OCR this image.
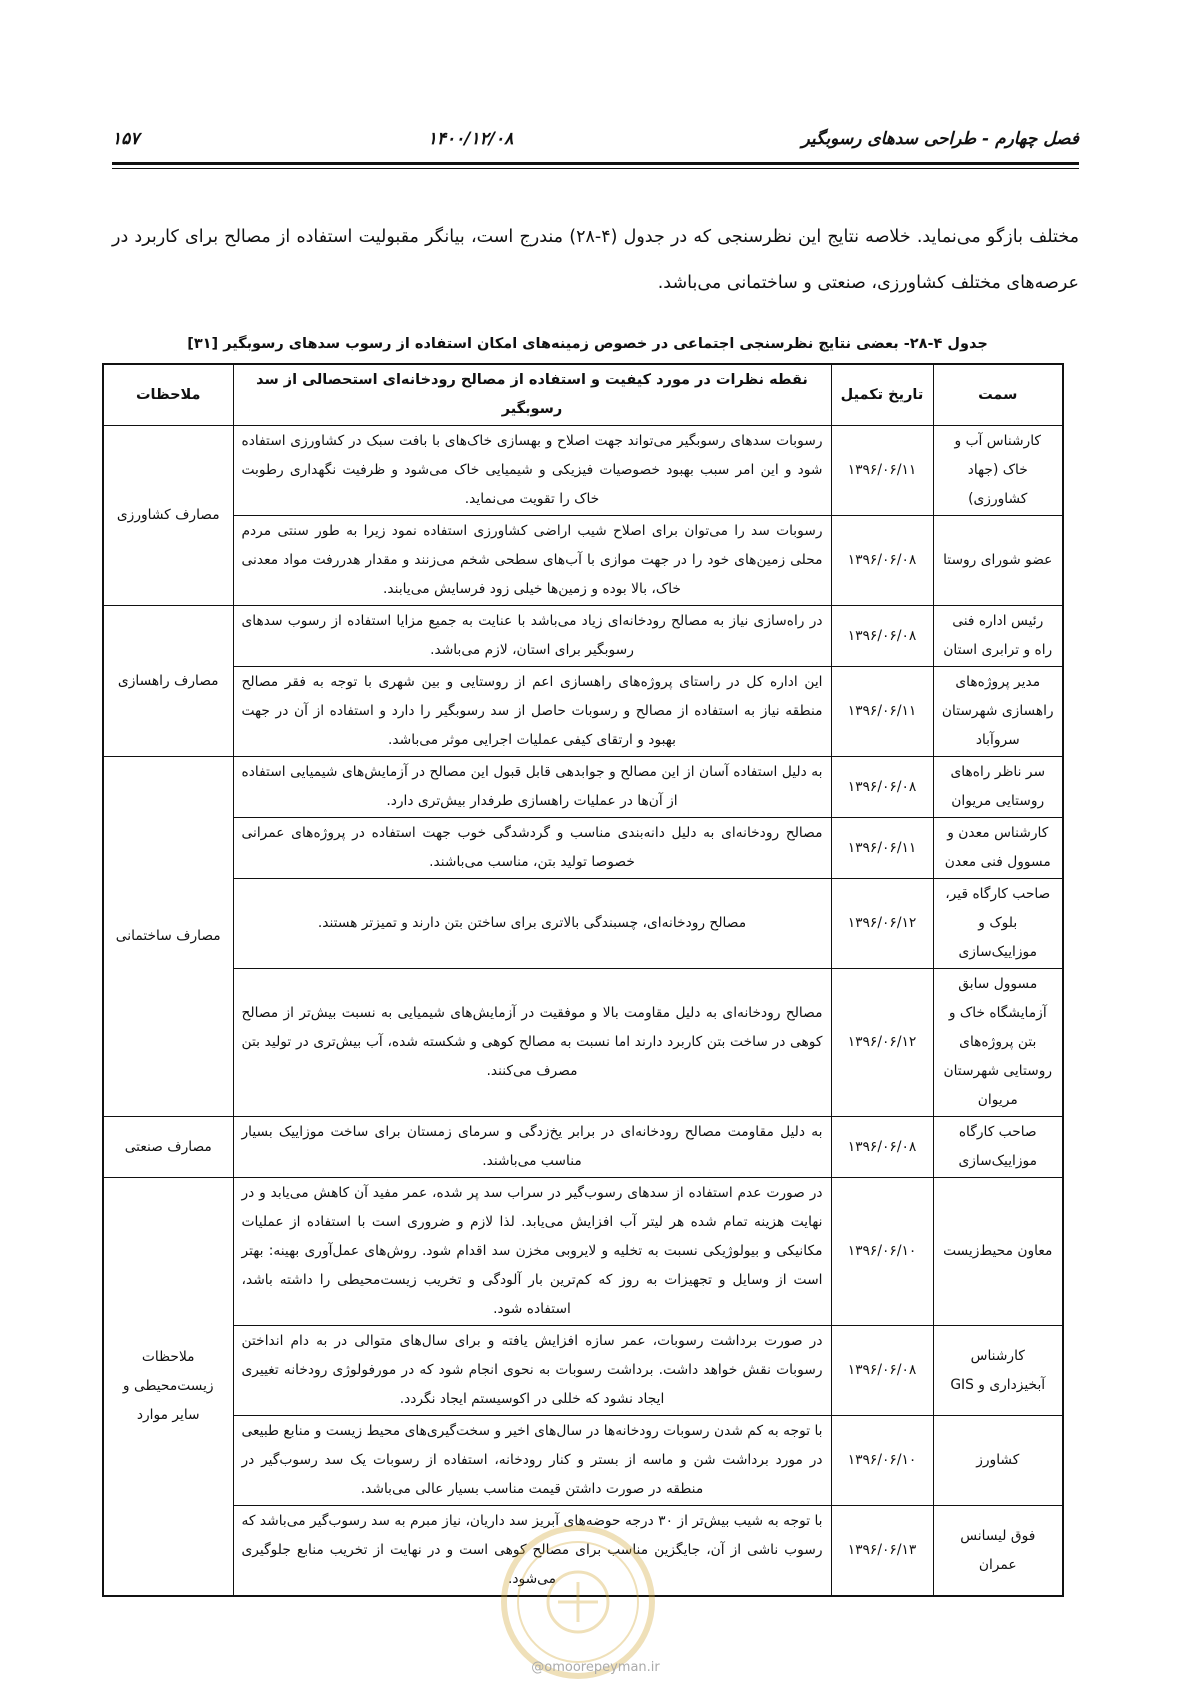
فصل چهارم - طراحی سدهای رسوبگیر
۱۴۰۰/۱۲/۰۸
۱۵۷
مختلف بازگو می‌نماید. خلاصه نتایج این نظرسنجی که در جدول (۴-۲۸) مندرج است، بیانگر مقبولیت استفاده از مصالح برای کاربرد در عرصه‌های مختلف کشاورزی، صنعتی و ساختمانی می‌باشد.
جدول ۴-۲۸- بعضی نتایج نظرسنجی اجتماعی در خصوص زمینه‌های امکان استفاده از رسوب سدهای رسوبگیر [۳۱]
سمت	تاریخ تکمیل	نقطه نظرات در مورد کیفیت و استفاده از مصالح رودخانه‌ای استحصالی از سد رسوبگیر	ملاحظات
کارشناس آب و خاک (جهاد کشاورزی)	۱۳۹۶/۰۶/۱۱	رسوبات سدهای رسوبگیر می‌تواند جهت اصلاح و بهسازی خاک‌های با بافت سبک در کشاورزی استفاده شود و این امر سبب بهبود خصوصیات فیزیکی و شیمیایی خاک می‌شود و ظرفیت نگهداری رطوبت خاک را تقویت می‌نماید.	مصارف کشاورزی
عضو شورای روستا	۱۳۹۶/۰۶/۰۸	رسوبات سد را می‌توان برای اصلاح شیب اراضی کشاورزی استفاده نمود زیرا به طور سنتی مردم محلی زمین‌های خود را در جهت موازی با آب‌های سطحی شخم می‌زنند و مقدار هدررفت مواد معدنی خاک، بالا بوده و زمین‌ها خیلی زود فرسایش می‌یابند.	
رئیس اداره فنی راه و ترابری استان	۱۳۹۶/۰۶/۰۸	در راه‌سازی نیاز به مصالح رودخانه‌ای زیاد می‌باشد با عنایت به جمیع مزایا استفاده از رسوب سدهای رسوبگیر برای استان، لازم می‌باشد.	مصارف راهسازی
مدیر پروژه‌های راهسازی شهرستان سروآباد	۱۳۹۶/۰۶/۱۱	این اداره کل در راستای پروژه‌های راهسازی اعم از روستایی و بین شهری با توجه به فقر مصالح منطقه نیاز به استفاده از مصالح و رسوبات حاصل از سد رسوبگیر را دارد و استفاده از آن در جهت بهبود و ارتقای کیفی عملیات اجرایی موثر می‌باشد.	
سر ناظر راه‌های روستایی مریوان	۱۳۹۶/۰۶/۰۸	به دلیل استفاده آسان از این مصالح و جوابدهی قابل قبول این مصالح در آزمایش‌های شیمیایی استفاده از آن‌ها در عملیات راهسازی طرفدار بیش‌تری دارد.	مصارف ساختمانی
کارشناس معدن و مسوول فنی معدن	۱۳۹۶/۰۶/۱۱	مصالح رودخانه‌ای به دلیل دانه‌بندی مناسب و گردشدگی خوب جهت استفاده در پروژه‌های عمرانی خصوصا تولید بتن، مناسب می‌باشند.	
صاحب کارگاه قیر، بلوک و موزاییک‌سازی	۱۳۹۶/۰۶/۱۲	مصالح رودخانه‌ای، چسبندگی بالاتری برای ساختن بتن دارند و تمیزتر هستند.	
مسوول سابق آزمایشگاه خاک و بتن پروژه‌های روستایی شهرستان مریوان	۱۳۹۶/۰۶/۱۲	مصالح رودخانه‌ای به دلیل مقاومت بالا و موفقیت در آزمایش‌های شیمیایی به نسبت بیش‌تر از مصالح کوهی در ساخت بتن کاربرد دارند اما نسبت به مصالح کوهی و شکسته شده، آب بیش‌تری در تولید بتن مصرف می‌کنند.	
صاحب کارگاه موزاییک‌سازی	۱۳۹۶/۰۶/۰۸	به دلیل مقاومت مصالح رودخانه‌ای در برابر یخ‌زدگی و سرمای زمستان برای ساخت موزاییک بسیار مناسب می‌باشند.	مصارف صنعتی
معاون محیط‌زیست	۱۳۹۶/۰۶/۱۰	در صورت عدم استفاده از سدهای رسوب‌گیر در سراب سد پر شده، عمر مفید آن کاهش می‌یابد و در نهایت هزینه تمام شده هر لیتر آب افزایش می‌یابد. لذا لازم و ضروری است با استفاده از عملیات مکانیکی و بیولوژیکی نسبت به تخلیه و لایروبی مخزن سد اقدام شود. روش‌های عمل‌آوری بهینه: بهتر است از وسایل و تجهیزات به روز که کم‌ترین بار آلودگی و تخریب زیست‌محیطی را داشته باشد، استفاده شود.	ملاحظات زیست‌محیطی و سایر موارد
کارشناس آبخیزداری و GIS	۱۳۹۶/۰۶/۰۸	در صورت برداشت رسوبات، عمر سازه افزایش یافته و برای سال‌های متوالی در به دام انداختن رسوبات نقش خواهد داشت. برداشت رسوبات به نحوی انجام شود که در مورفولوژی رودخانه تغییری ایجاد نشود که خللی در اکوسیستم ایجاد نگردد.	
کشاورز	۱۳۹۶/۰۶/۱۰	با توجه به کم شدن رسوبات رودخانه‌ها در سال‌های اخیر و سخت‌گیری‌های محیط زیست و منابع طبیعی در مورد برداشت شن و ماسه از بستر و کنار رودخانه، استفاده از رسوبات یک سد رسوب‌گیر در منطقه در صورت داشتن قیمت مناسب بسیار عالی می‌باشد.	
فوق لیسانس عمران	۱۳۹۶/۰۶/۱۳	با توجه به شیب بیش‌تر از ۳۰ درجه حوضه‌های آبریز سد داریان، نیاز مبرم به سد رسوب‌گیر می‌باشد که رسوب ناشی از آن، جایگزین مناسب برای مصالح کوهی است و در نهایت از تخریب منابع جلوگیری می‌شود.	
@omoorepeyman.ir
